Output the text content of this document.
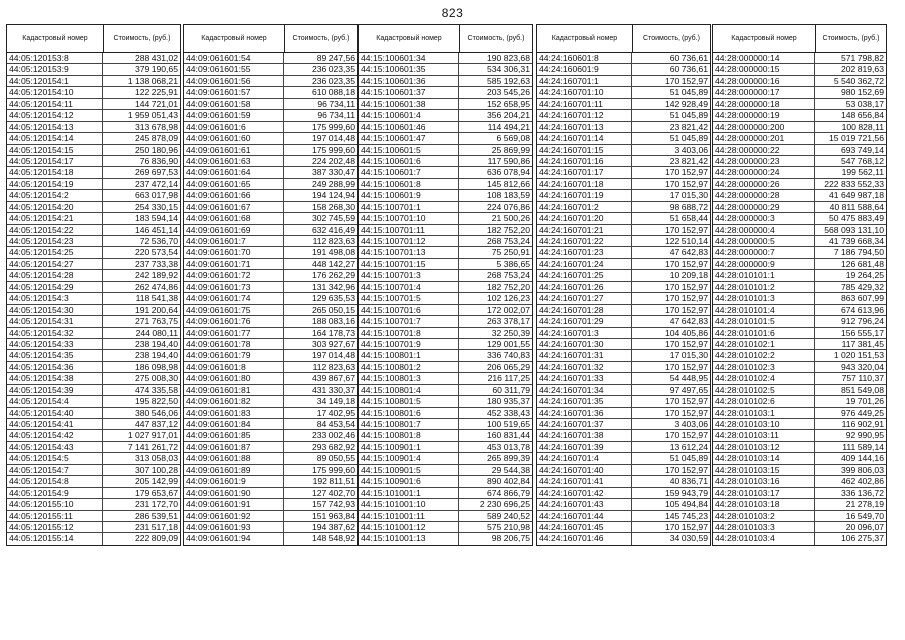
823
Кадастровый номер	Стоимость, (руб.)
44:05:120153:8	288 431,02
44:05:120153:9	379 190,65
44:05:120154:1	1 138 068,21
44:05:120154:10	122 225,91
44:05:120154:11	144 721,01
44:05:120154:12	1 959 051,43
44:05:120154:13	313 678,98
44:05:120154:14	245 878,09
44:05:120154:15	250 180,96
44:05:120154:17	76 836,90
44:05:120154:18	269 697,53
44:05:120154:19	237 472,14
44:05:120154:2	663 017,98
44:05:120154:20	254 330,15
44:05:120154:21	183 594,14
44:05:120154:22	146 451,14
44:05:120154:23	72 536,70
44:05:120154:25	220 573,54
44:05:120154:27	237 733,38
44:05:120154:28	242 189,92
44:05:120154:29	262 474,86
44:05:120154:3	118 541,38
44:05:120154:30	191 200,64
44:05:120154:31	271 763,75
44:05:120154:32	244 080,11
44:05:120154:33	238 194,40
44:05:120154:35	238 194,40
44:05:120154:36	186 098,98
44:05:120154:38	275 008,30
44:05:120154:39	474 335,58
44:05:120154:4	195 822,50
44:05:120154:40	380 546,06
44:05:120154:41	447 837,12
44:05:120154:42	1 027 917,01
44:05:120154:43	7 141 261,72
44:05:120154:5	313 058,03
44:05:120154:7	307 100,28
44:05:120154:8	205 142,99
44:05:120154:9	179 653,67
44:05:120155:10	231 172,70
44:05:120155:11	286 539,51
44:05:120155:12	231 517,18
44:05:120155:14	222 809,09
Кадастровый номер	Стоимость, (руб.)
44:09:061601:54	89 247,56
44:09:061601:55	236 023,35
44:09:061601:56	236 023,35
44:09:061601:57	610 088,18
44:09:061601:58	96 734,11
44:09:061601:59	96 734,11
44:09:061601:6	175 999,60
44:09:061601:60	197 014,48
44:09:061601:61	175 999,60
44:09:061601:63	224 202,48
44:09:061601:64	387 330,47
44:09:061601:65	249 288,99
44:09:061601:66	194 124,94
44:09:061601:67	158 268,30
44:09:061601:68	302 745,59
44:09:061601:69	632 416,49
44:09:061601:7	112 823,63
44:09:061601:70	191 498,08
44:09:061601:71	448 142,27
44:09:061601:72	176 262,29
44:09:061601:73	131 342,96
44:09:061601:74	129 635,53
44:09:061601:75	265 050,15
44:09:061601:76	188 083,16
44:09:061601:77	164 178,73
44:09:061601:78	303 927,67
44:09:061601:79	197 014,48
44:09:061601:8	112 823,63
44:09:061601:80	439 867,67
44:09:061601:81	431 330,37
44:09:061601:82	34 149,18
44:09:061601:83	17 402,95
44:09:061601:84	84 453,54
44:09:061601:85	233 002,46
44:09:061601:87	293 682,92
44:09:061601:88	89 050,55
44:09:061601:89	175 999,60
44:09:061601:9	192 811,51
44:09:061601:90	127 402,70
44:09:061601:91	157 742,93
44:09:061601:92	151 963,84
44:09:061601:93	194 387,62
44:09:061601:94	148 548,92
Кадастровый номер	Стоимость, (руб.)
44:15:100601:34	190 823,68
44:15:100601:35	534 306,31
44:15:100601:36	585 192,63
44:15:100601:37	203 545,26
44:15:100601:38	152 658,95
44:15:100601:4	356 204,21
44:15:100601:46	114 494,21
44:15:100601:47	6 569,08
44:15:100601:5	25 869,99
44:15:100601:6	117 590,86
44:15:100601:7	636 078,94
44:15:100601:8	145 812,66
44:15:100601:9	108 183,59
44:15:100701:1	224 076,86
44:15:100701:10	21 500,26
44:15:100701:11	182 752,20
44:15:100701:12	268 753,24
44:15:100701:13	75 250,91
44:15:100701:15	5 386,65
44:15:100701:3	268 753,24
44:15:100701:4	182 752,20
44:15:100701:5	102 126,23
44:15:100701:6	172 002,07
44:15:100701:7	263 378,17
44:15:100701:8	32 250,39
44:15:100701:9	129 001,55
44:15:100801:1	336 740,83
44:15:100801:2	206 065,29
44:15:100801:3	216 117,25
44:15:100801:4	60 311,79
44:15:100801:5	180 935,37
44:15:100801:6	452 338,43
44:15:100801:7	100 519,65
44:15:100801:8	160 831,44
44:15:100901:1	453 013,78
44:15:100901:4	265 899,39
44:15:100901:5	29 544,38
44:15:100901:6	890 402,84
44:15:101001:1	674 866,79
44:15:101001:10	2 230 696,25
44:15:101001:11	589 240,52
44:15:101001:12	575 210,98
44:15:101001:13	98 206,75
Кадастровый номер	Стоимость, (руб.)
44:24:160601:8	60 736,61
44:24:160601:9	60 736,61
44:24:160701:1	170 152,97
44:24:160701:10	51 045,89
44:24:160701:11	142 928,49
44:24:160701:12	51 045,89
44:24:160701:13	23 821,42
44:24:160701:14	51 045,89
44:24:160701:15	3 403,06
44:24:160701:16	23 821,42
44:24:160701:17	170 152,97
44:24:160701:18	170 152,97
44:24:160701:19	17 015,30
44:24:160701:2	98 688,72
44:24:160701:20	51 658,44
44:24:160701:21	170 152,97
44:24:160701:22	122 510,14
44:24:160701:23	47 642,83
44:24:160701:24	170 152,97
44:24:160701:25	10 209,18
44:24:160701:26	170 152,97
44:24:160701:27	170 152,97
44:24:160701:28	170 152,97
44:24:160701:29	47 642,83
44:24:160701:3	104 405,86
44:24:160701:30	170 152,97
44:24:160701:31	17 015,30
44:24:160701:32	170 152,97
44:24:160701:33	54 448,95
44:24:160701:34	97 497,65
44:24:160701:35	170 152,97
44:24:160701:36	170 152,97
44:24:160701:37	3 403,06
44:24:160701:38	170 152,97
44:24:160701:39	13 612,24
44:24:160701:4	51 045,89
44:24:160701:40	170 152,97
44:24:160701:41	40 836,71
44:24:160701:42	159 943,79
44:24:160701:43	105 494,84
44:24:160701:44	145 745,23
44:24:160701:45	170 152,97
44:24:160701:46	34 030,59
Кадастровый номер	Стоимость, (руб.)
44:28:000000:14	571 798,82
44:28:000000:15	202 819,63
44:28:000000:16	5 540 362,72
44:28:000000:17	980 152,69
44:28:000000:18	53 038,17
44:28:000000:19	148 656,84
44:28:000000:200	100 828,11
44:28:000000:201	15 019 721,56
44:28:000000:22	693 749,14
44:28:000000:23	547 768,12
44:28:000000:24	199 562,11
44:28:000000:26	222 833 552,33
44:28:000000:28	41 649 987,18
44:28:000000:29	40 811 588,64
44:28:000000:3	50 475 883,49
44:28:000000:4	568 093 131,10
44:28:000000:5	41 739 668,34
44:28:000000:7	7 186 794,50
44:28:000000:9	126 681,48
44:28:010101:1	19 264,25
44:28:010101:2	785 429,32
44:28:010101:3	863 607,99
44:28:010101:4	674 613,96
44:28:010101:5	912 796,24
44:28:010101:6	156 555,17
44:28:010102:1	117 381,45
44:28:010102:2	1 020 151,53
44:28:010102:3	943 320,04
44:28:010102:4	757 110,37
44:28:010102:5	851 549,08
44:28:010102:6	19 701,26
44:28:010103:1	976 449,25
44:28:010103:10	116 902,91
44:28:010103:11	92 990,95
44:28:010103:12	111 589,14
44:28:010103:14	409 144,16
44:28:010103:15	399 806,03
44:28:010103:16	462 402,86
44:28:010103:17	336 136,72
44:28:010103:18	21 278,19
44:28:010103:2	16 549,70
44:28:010103:3	20 096,07
44:28:010103:4	106 275,37
